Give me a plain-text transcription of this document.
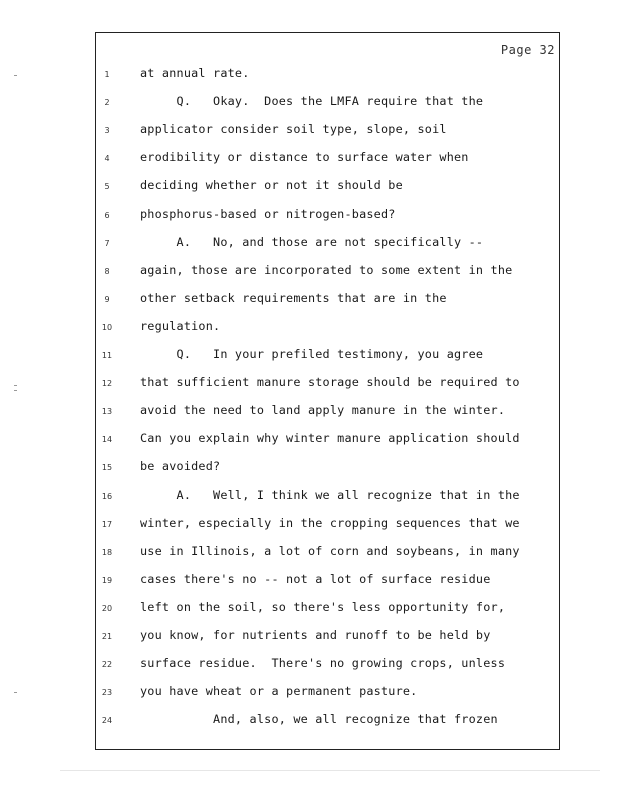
Page 32
1	at annual rate.
2	Q.   Okay.  Does the LMFA require that the
3	applicator consider soil type, slope, soil
4	erodibility or distance to surface water when
5	deciding whether or not it should be
6	phosphorus-based or nitrogen-based?
7	A.   No, and those are not specifically --
8	again, those are incorporated to some extent in the
9	other setback requirements that are in the
10	regulation.
11	Q.   In your prefiled testimony, you agree
12	that sufficient manure storage should be required to
13	avoid the need to land apply manure in the winter.
14	Can you explain why winter manure application should
15	be avoided?
16	A.   Well, I think we all recognize that in the
17	winter, especially in the cropping sequences that we
18	use in Illinois, a lot of corn and soybeans, in many
19	cases there's no -- not a lot of surface residue
20	left on the soil, so there's less opportunity for,
21	you know, for nutrients and runoff to be held by
22	surface residue.  There's no growing crops, unless
23	you have wheat or a permanent pasture.
24	And, also, we all recognize that frozen
